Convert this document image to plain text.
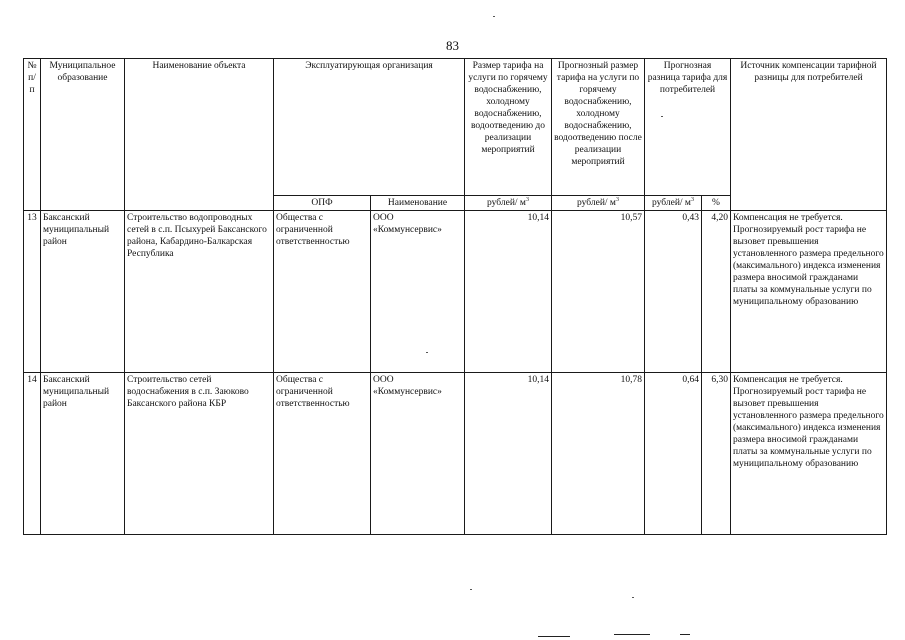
83
№ п/п	Муниципальное образование	Наименование объекта	Эксплуатирующая организация		Размер тарифа на услуги по горячему водоснабжению, холодному водоснабжению, водоотведению до реализации мероприятий	Прогнозный размер тарифа на услуги по горячему водоснабжению, холодному водоснабжению, водоотведению после реализации мероприятий	Прогнозная разница тарифа для потребителей		Источник компенсации тарифной разницы для потребителей
			ОПФ	Наименование	рублей/ $м^3$	рублей/ $м^3$	рублей/ $м^3$	%	
13	Баксанский муниципальный район	Строительство водопроводных сетей в с.п. Псыхурей Баксанского района, Кабардино-Балкарская Республика	Общества с ограниченной ответственностью	ООО «Коммунсервис»	10,14	10,57	0,43	4,20	Компенсация не требуется. Прогнозируемый рост тарифа не вызовет превышения установленного размера предельного (максимального) индекса изменения размера вносимой гражданами платы за коммунальные услуги по муниципальному образованию
14	Баксанский муниципальный район	Строительство сетей водоснабжения в с.п. Заюково Баксанского района КБР	Общества с ограниченной ответственностью	ООО «Коммунсервис»	10,14	10,78	0,64	6,30	Компенсация не требуется. Прогнозируемый рост тарифа не вызовет превышения установленного размера предельного (максимального) индекса изменения размера вносимой гражданами платы за коммунальные услуги по муниципальному образованию
